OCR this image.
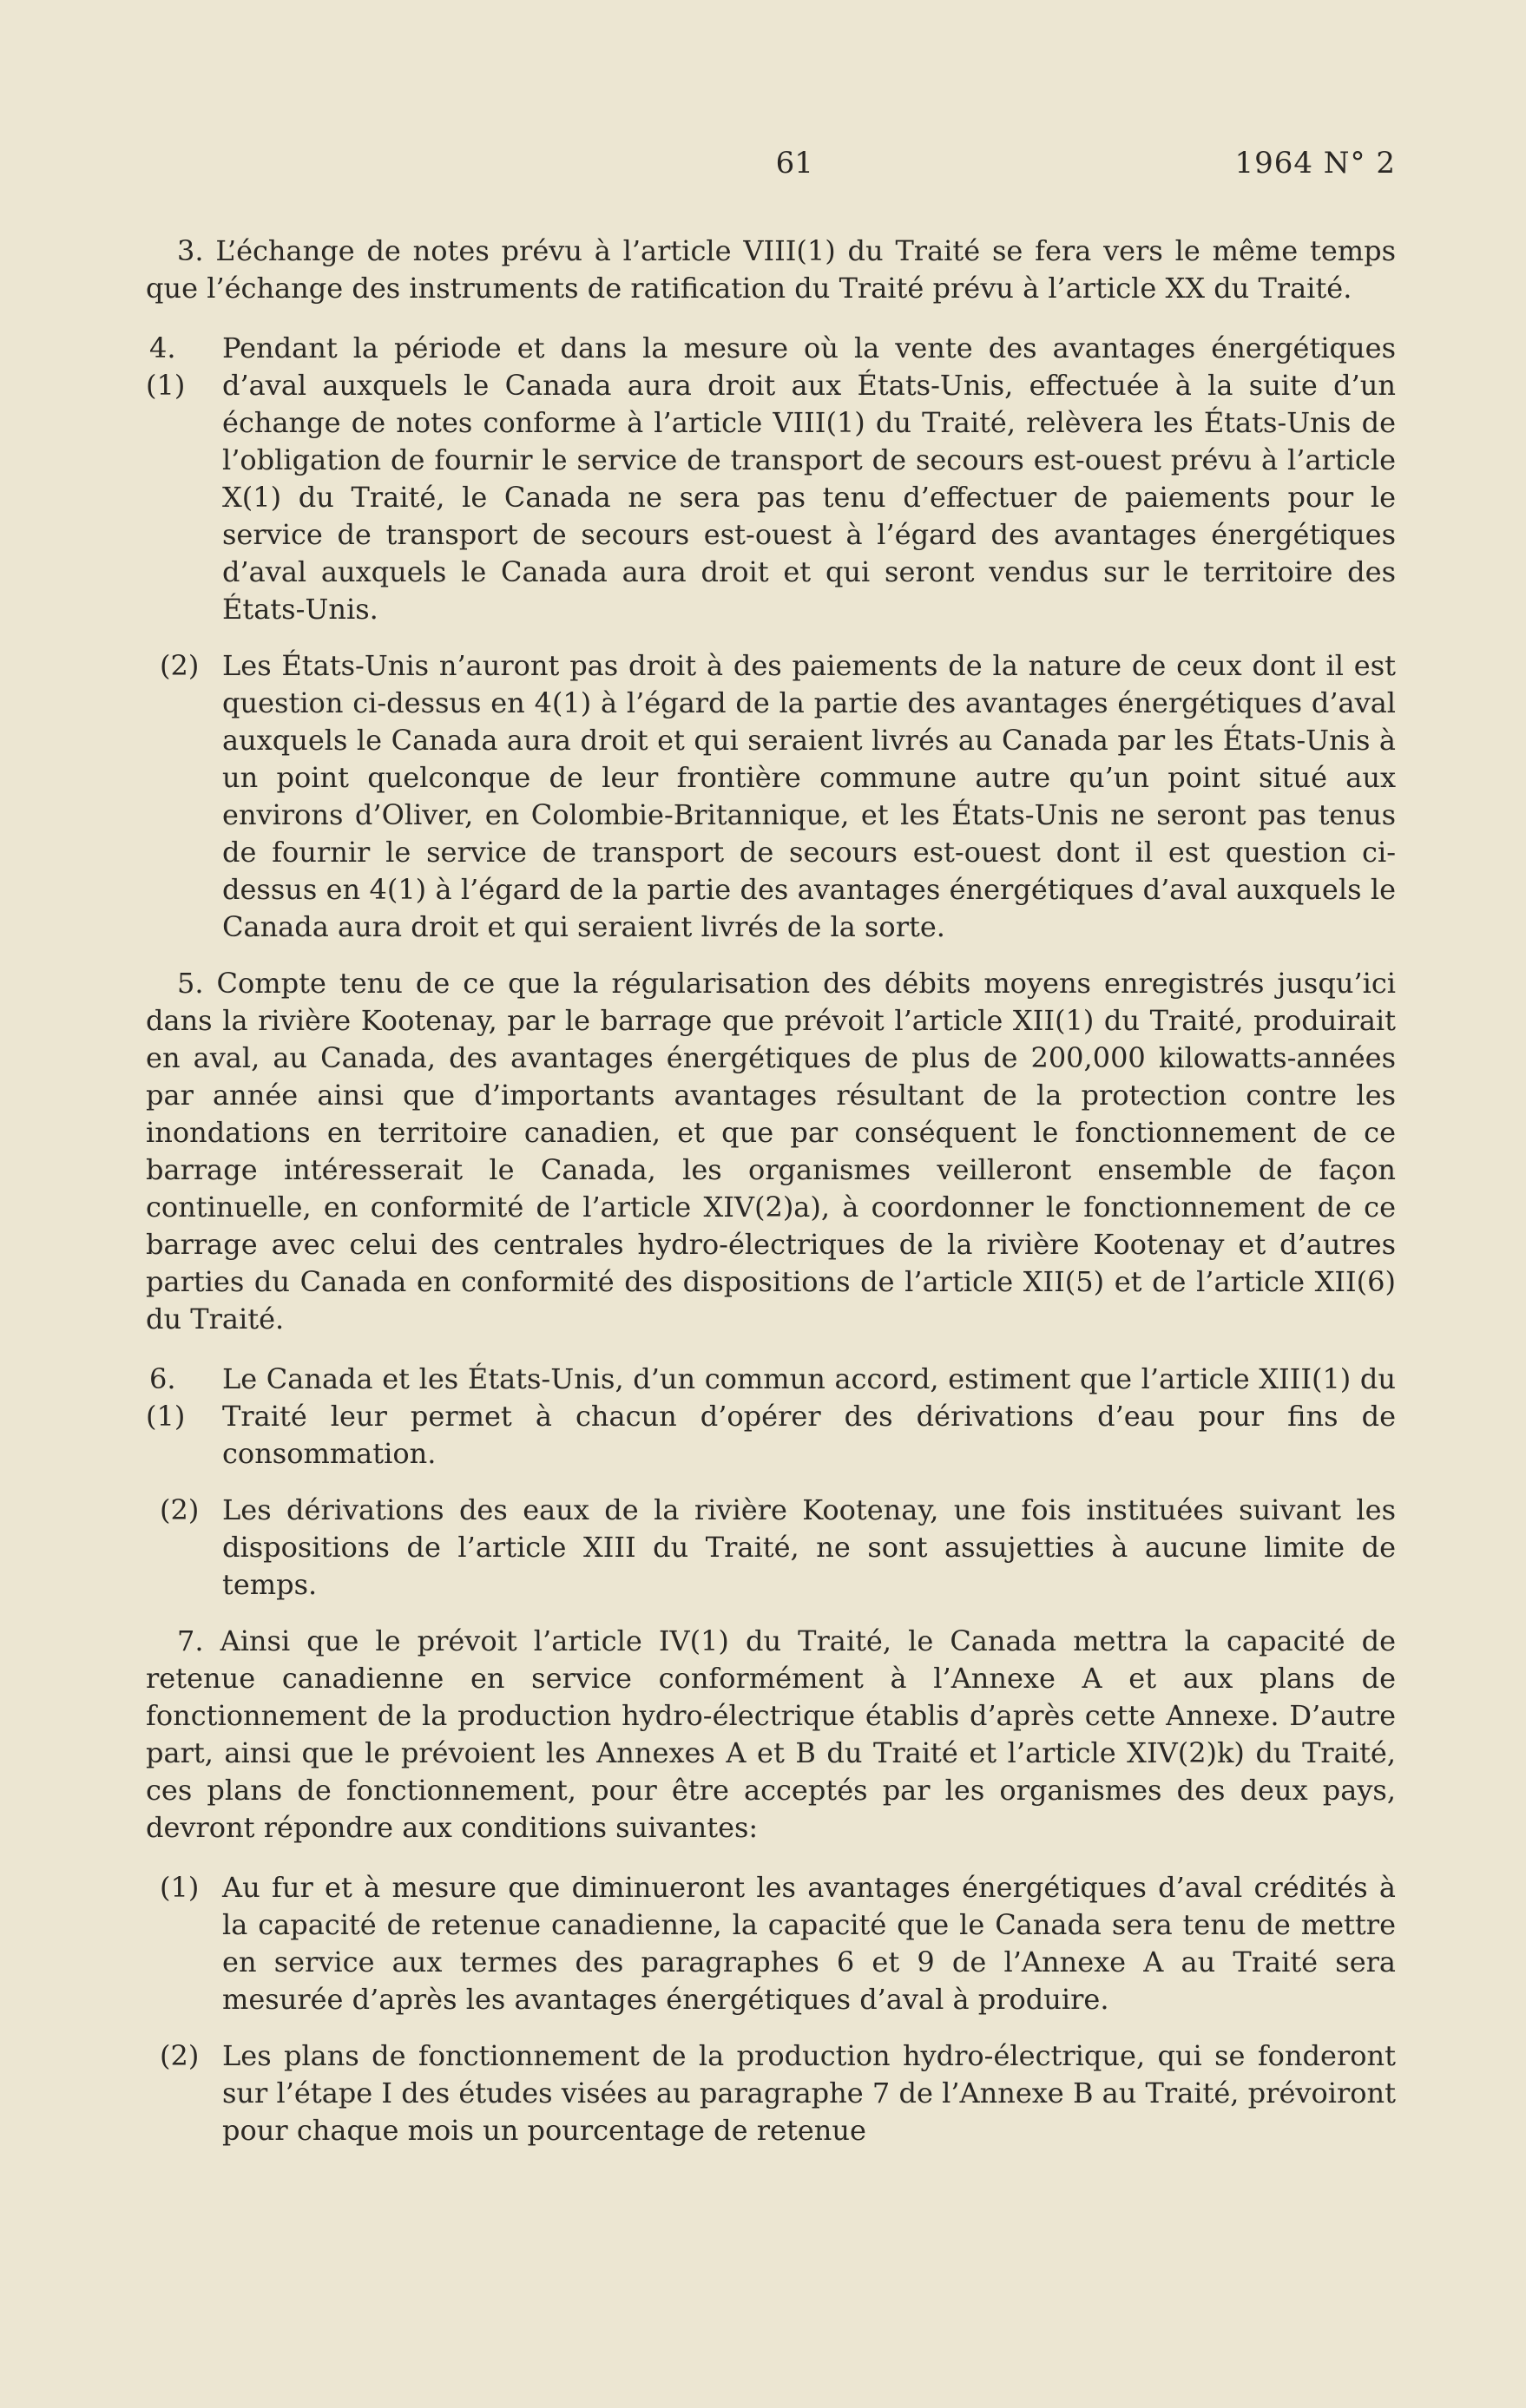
61	1964 N° 2

3. L’échange de notes prévu à l’article VIII(1) du Traité se fera vers le même temps que l’échange des instruments de ratification du Traité prévu à l’article XX du Traité.

4. (1)
Pendant la période et dans la mesure où la vente des avantages énergétiques d’aval auxquels le Canada aura droit aux États-Unis, effectuée à la suite d’un échange de notes conforme à l’article VIII(1) du Traité, relèvera les États-Unis de l’obligation de fournir le service de transport de secours est-ouest prévu à l’article X(1) du Traité, le Canada ne sera pas tenu d’effectuer de paiements pour le service de transport de secours est-ouest à l’égard des avantages énergétiques d’aval auxquels le Canada aura droit et qui seront vendus sur le territoire des États-Unis.
(2) Les États-Unis n’auront pas droit à des paiements de la nature de ceux dont il est question ci-dessus en 4(1) à l’égard de la partie des avantages énergétiques d’aval auxquels le Canada aura droit et qui seraient livrés au Canada par les États-Unis à un point quelconque de leur frontière commune autre qu’un point situé aux environs d’Oliver, en Colombie-Britannique, et les États-Unis ne seront pas tenus de fournir le service de transport de secours est-ouest dont il est question ci-dessus en 4(1) à l’égard de la partie des avantages énergétiques d’aval auxquels le Canada aura droit et qui seraient livrés de la sorte.

5. Compte tenu de ce que la régularisation des débits moyens enregistrés jusqu’ici dans la rivière Kootenay, par le barrage que prévoit l’article XII(1) du Traité, produirait en aval, au Canada, des avantages énergétiques de plus de 200,000 kilowatts-années par année ainsi que d’importants avantages résultant de la protection contre les inondations en territoire canadien, et que par conséquent le fonctionnement de ce barrage intéresserait le Canada, les organismes veilleront ensemble de façon continuelle, en conformité de l’article XIV(2)a), à coordonner le fonctionnement de ce barrage avec celui des centrales hydro-électriques de la rivière Kootenay et d’autres parties du Canada en conformité des dispositions de l’article XII(5) et de l’article XII(6) du Traité.

6. (1)
Le Canada et les États-Unis, d’un commun accord, estiment que l’article XIII(1) du Traité leur permet à chacun d’opérer des dérivations d’eau pour fins de consommation.
(2) Les dérivations des eaux de la rivière Kootenay, une fois instituées suivant les dispositions de l’article XIII du Traité, ne sont assujetties à aucune limite de temps.

7. Ainsi que le prévoit l’article IV(1) du Traité, le Canada mettra la capacité de retenue canadienne en service conformément à l’Annexe A et aux plans de fonctionnement de la production hydro-électrique établis d’après cette Annexe. D’autre part, ainsi que le prévoient les Annexes A et B du Traité et l’article XIV(2)k) du Traité, ces plans de fonctionnement, pour être acceptés par les organismes des deux pays, devront répondre aux conditions suivantes:

(1) Au fur et à mesure que diminueront les avantages énergétiques d’aval crédités à la capacité de retenue canadienne, la capacité que le Canada sera tenu de mettre en service aux termes des paragraphes 6 et 9 de l’Annexe A au Traité sera mesurée d’après les avantages énergétiques d’aval à produire.
(2) Les plans de fonctionnement de la production hydro-électrique, qui se fonderont sur l’étape I des études visées au paragraphe 7 de l’Annexe B au Traité, prévoiront pour chaque mois un pourcentage de retenue
